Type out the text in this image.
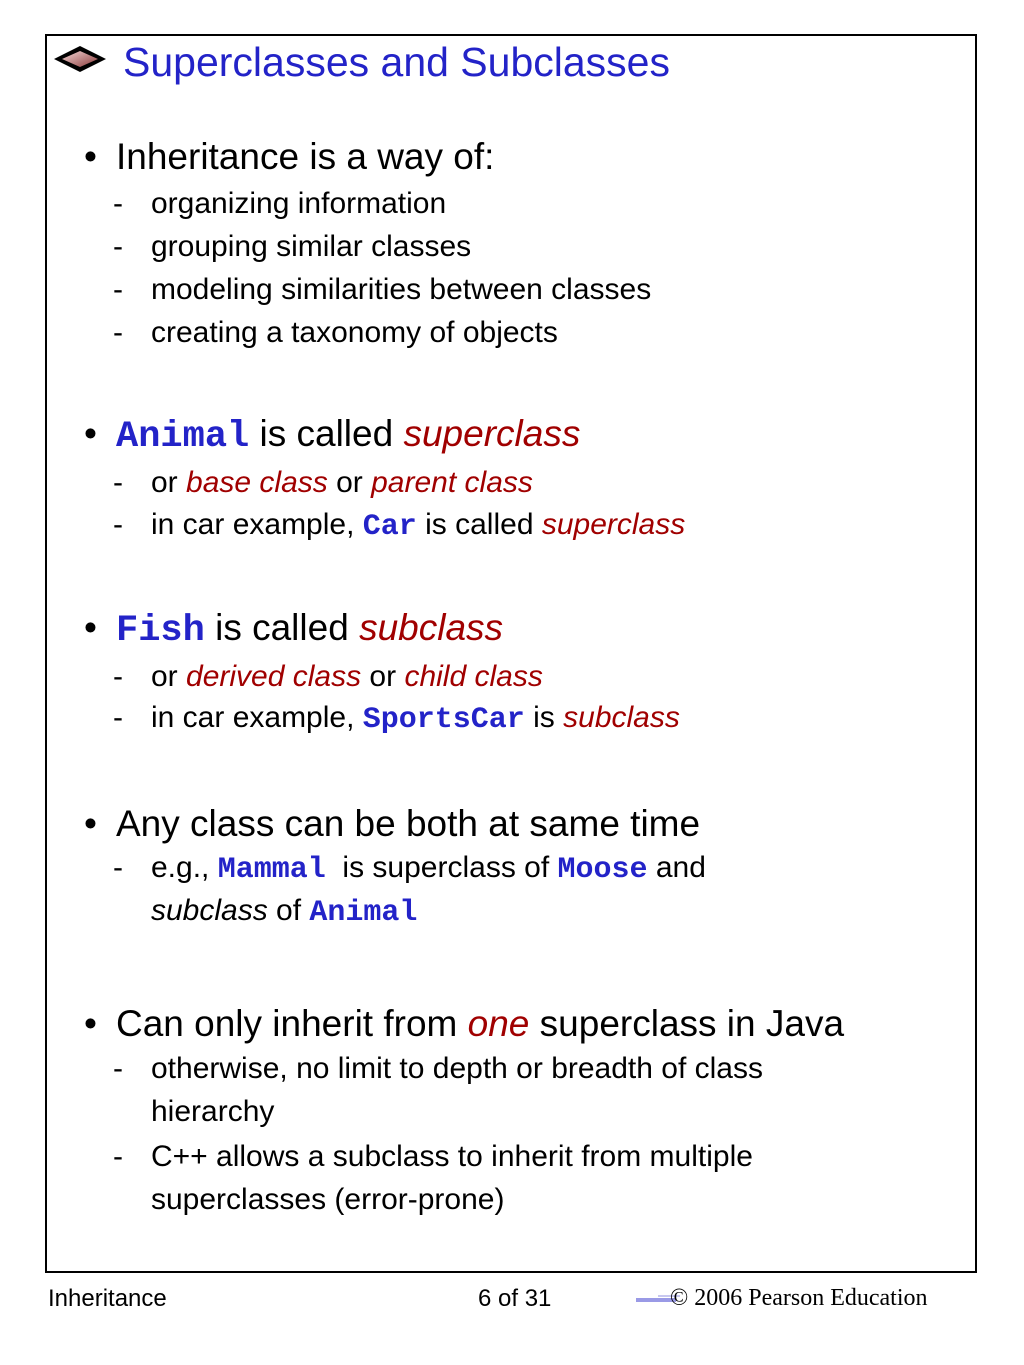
Superclasses and Subclasses
• Inheritance is a way of:
- organizing information
- grouping similar classes
- modeling similarities between classes
- creating a taxonomy of objects
• Animal is called superclass
- or base class or parent class
- in car example, Car is called superclass
• Fish is called subclass
- or derived class or child class
- in car example, SportsCar is subclass
• Any class can be both at same time
- e.g., Mammal  is superclass of Moose and
subclass of Animal
• Can only inherit from one superclass in Java
- otherwise, no limit to depth or breadth of class
hierarchy
- C++ allows a subclass to inherit from multiple
superclasses (error-prone)
Inheritance	6 of 31	© 2006 Pearson Education
